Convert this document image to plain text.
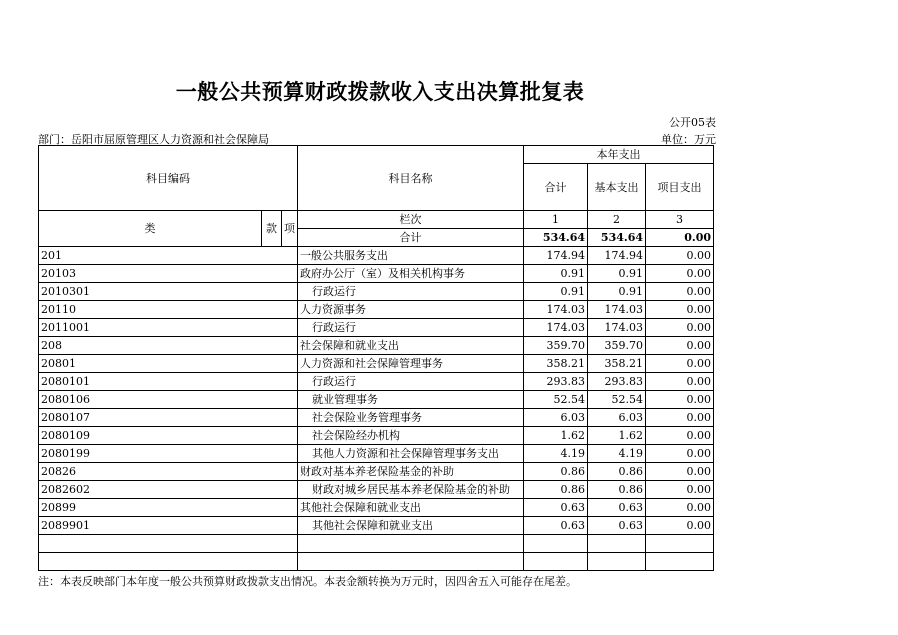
一般公共预算财政拨款收入支出决算批复表
公开05表
部门：岳阳市屈原管理区人力资源和社会保障局	单位：万元
科目编码			科目名称	本年支出		
				合计	基本支出	项目支出
类	款	项	栏次	1	2	3
			合计	534.64	534.64	0.00
201			一般公共服务支出	174.94	174.94	0.00
20103			政府办公厅（室）及相关机构事务	0.91	0.91	0.00
2010301			行政运行	0.91	0.91	0.00
20110			人力资源事务	174.03	174.03	0.00
2011001			行政运行	174.03	174.03	0.00
208			社会保障和就业支出	359.70	359.70	0.00
20801			人力资源和社会保障管理事务	358.21	358.21	0.00
2080101			行政运行	293.83	293.83	0.00
2080106			就业管理事务	52.54	52.54	0.00
2080107			社会保险业务管理事务	6.03	6.03	0.00
2080109			社会保险经办机构	1.62	1.62	0.00
2080199			其他人力资源和社会保障管理事务支出	4.19	4.19	0.00
20826			财政对基本养老保险基金的补助	0.86	0.86	0.00
2082602			财政对城乡居民基本养老保险基金的补助	0.86	0.86	0.00
20899			其他社会保障和就业支出	0.63	0.63	0.00
2089901			其他社会保障和就业支出	0.63	0.63	0.00

注：本表反映部门本年度一般公共预算财政拨款支出情况。本表金额转换为万元时，因四舍五入可能存在尾差。
